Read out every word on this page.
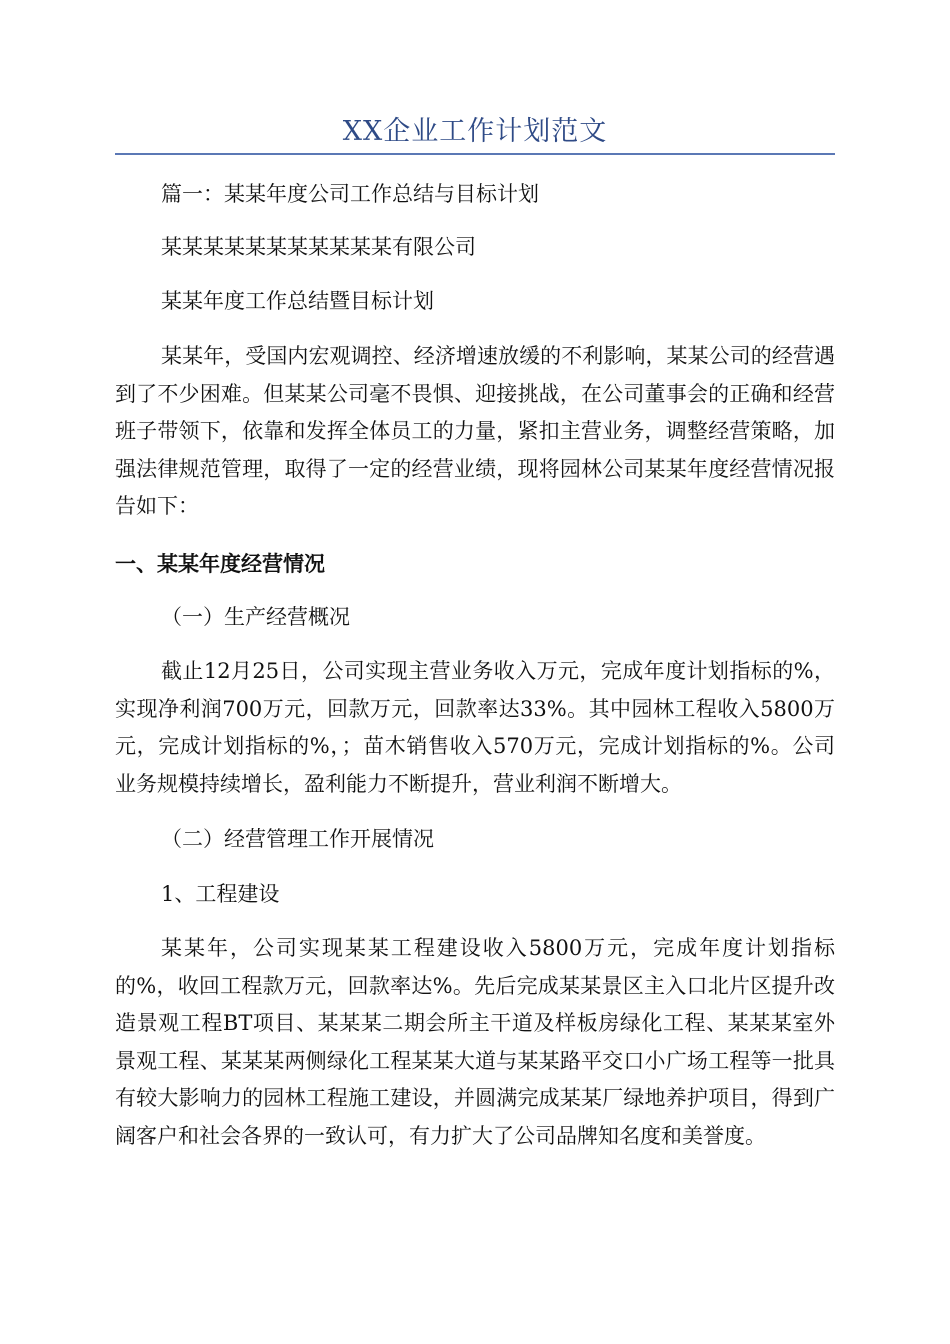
XX企业工作计划范文

篇一：某某年度公司工作总结与目标计划

某某某某某某某某某某某有限公司

某某年度工作总结暨目标计划

某某年，受国内宏观调控、经济增速放缓的不利影响，某某公司的经营遇到了不少困难。但某某公司毫不畏惧、迎接挑战，在公司董事会的正确和经营班子带领下，依靠和发挥全体员工的力量，紧扣主营业务，调整经营策略，加强法律规范管理，取得了一定的经营业绩，现将园林公司某某年度经营情况报告如下：

一、某某年度经营情况

（一）生产经营概况

截止12月25日，公司实现主营业务收入万元，完成年度计划指标的%，实现净利润700万元，回款万元，回款率达33%。其中园林工程收入5800万元，完成计划指标的%，；苗木销售收入570万元，完成计划指标的%。公司业务规模持续增长，盈利能力不断提升，营业利润不断增大。

（二）经营管理工作开展情况

1、工程建设

某某年，公司实现某某工程建设收入5800万元，完成年度计划指标的%，收回工程款万元，回款率达%。先后完成某某景区主入口北片区提升改造景观工程BT项目、某某某二期会所主干道及样板房绿化工程、某某某室外景观工程、某某某两侧绿化工程某某大道与某某路平交口小广场工程等一批具有较大影响力的园林工程施工建设，并圆满完成某某厂绿地养护项目，得到广阔客户和社会各界的一致认可，有力扩大了公司品牌知名度和美誉度。
